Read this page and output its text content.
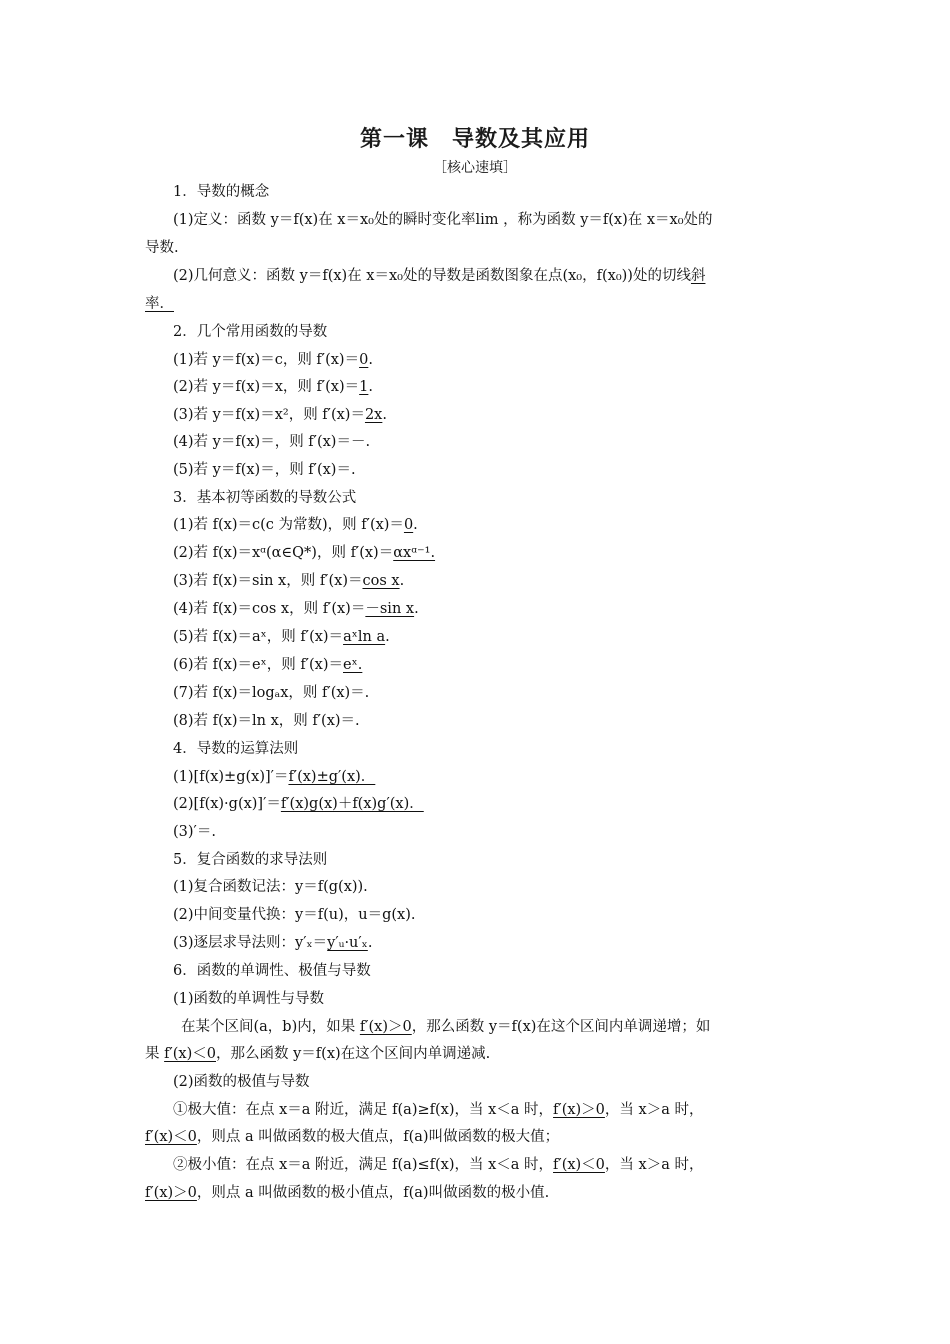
第一课　导数及其应用
［核心速填］
1．导数的概念
(1)定义：函数 y＝f(x)在 x＝x₀处的瞬时变化率lim ，称为函数 y＝f(x)在 x＝x₀处的
导数.
(2)几何意义：函数 y＝f(x)在 x＝x₀处的导数是函数图象在点(x₀，f(x₀))处的切线斜
率．
2．几个常用函数的导数
(1)若 y＝f(x)＝c，则 f′(x)＝0.
(2)若 y＝f(x)＝x，则 f′(x)＝1.
(3)若 y＝f(x)＝x²，则 f′(x)＝2x.
(4)若 y＝f(x)＝，则 f′(x)＝－.
(5)若 y＝f(x)＝，则 f′(x)＝.
3．基本初等函数的导数公式
(1)若 f(x)＝c(c 为常数)，则 f′(x)＝0.
(2)若 f(x)＝xᵅ(α∈Q*)，则 f′(x)＝αxᵅ⁻¹.
(3)若 f(x)＝sin x，则 f′(x)＝cos x.
(4)若 f(x)＝cos x，则 f′(x)＝－sin x.
(5)若 f(x)＝aˣ，则 f′(x)＝aˣln a.
(6)若 f(x)＝eˣ，则 f′(x)＝eˣ.
(7)若 f(x)＝logₐx，则 f′(x)＝.
(8)若 f(x)＝ln x，则 f′(x)＝.
4．导数的运算法则
(1)[f(x)±g(x)]′＝f′(x)±g′(x)．
(2)[f(x)·g(x)]′＝f′(x)g(x)＋f(x)g′(x)．
(3)′＝.
5．复合函数的求导法则
(1)复合函数记法：y＝f(g(x)).
(2)中间变量代换：y＝f(u)，u＝g(x).
(3)逐层求导法则：y′ₓ＝y′ᵤ·u′ₓ.
6．函数的单调性、极值与导数
(1)函数的单调性与导数
在某个区间(a，b)内，如果 f′(x)＞0，那么函数 y＝f(x)在这个区间内单调递增；如
果 f′(x)＜0，那么函数 y＝f(x)在这个区间内单调递减.
(2)函数的极值与导数
①极大值：在点 x＝a 附近，满足 f(a)≥f(x)，当 x＜a 时，f′(x)＞0，当 x＞a 时，
f′(x)＜0，则点 a 叫做函数的极大值点，f(a)叫做函数的极大值；
②极小值：在点 x＝a 附近，满足 f(a)≤f(x)，当 x＜a 时，f′(x)＜0，当 x＞a 时，
f′(x)＞0，则点 a 叫做函数的极小值点，f(a)叫做函数的极小值.
